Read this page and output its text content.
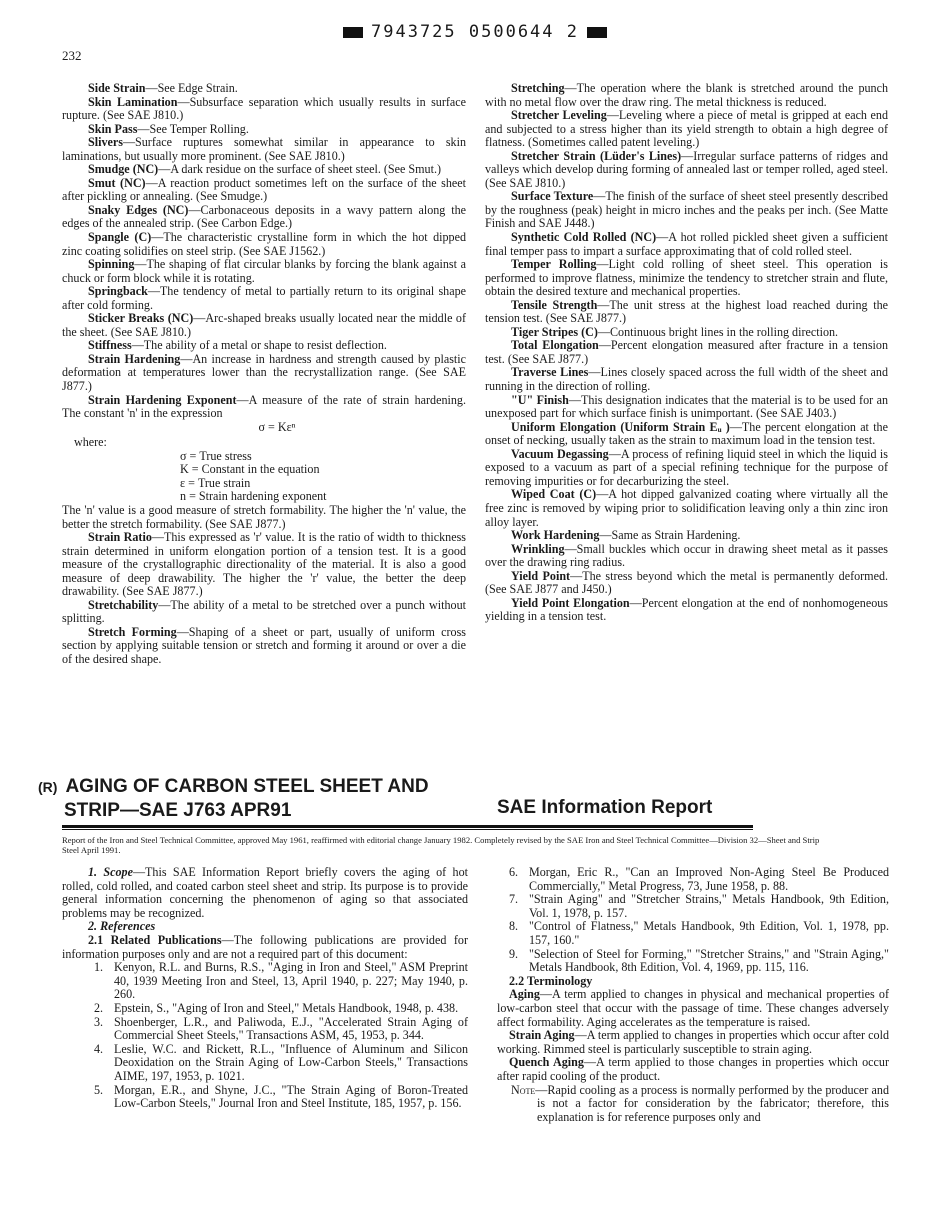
7943725 0500644 2
232

Side Strain—See Edge Strain.

Skin Lamination—Subsurface separation which usually results in surface rupture. (See SAE J810.)

Skin Pass—See Temper Rolling.

Slivers—Surface ruptures somewhat similar in appearance to skin laminations, but usually more prominent. (See SAE J810.)

Smudge (NC)—A dark residue on the surface of sheet steel. (See Smut.)

Smut (NC)—A reaction product sometimes left on the surface of the sheet after pickling or annealing. (See Smudge.)

Snaky Edges (NC)—Carbonaceous deposits in a wavy pattern along the edges of the annealed strip. (See Carbon Edge.)

Spangle (C)—The characteristic crystalline form in which the hot dipped zinc coating solidifies on steel strip. (See SAE J1562.)

Spinning—The shaping of flat circular blanks by forcing the blank against a chuck or form block while it is rotating.

Springback—The tendency of metal to partially return to its original shape after cold forming.

Sticker Breaks (NC)—Arc-shaped breaks usually located near the middle of the sheet. (See SAE J810.)

Stiffness—The ability of a metal or shape to resist deflection.

Strain Hardening—An increase in hardness and strength caused by plastic deformation at temperatures lower than the recrystallization range. (See SAE J877.)

Strain Hardening Exponent—A measure of the rate of strain hardening. The constant 'n' in the expression

σ = Kεⁿ

where:
σ = True stress
K = Constant in the equation
ε = True strain
n = Strain hardening exponent

The 'n' value is a good measure of stretch formability. The higher the 'n' value, the better the stretch formability. (See SAE J877.)

Strain Ratio—This expressed as 'r' value. It is the ratio of width to thickness strain determined in uniform elongation portion of a tension test. It is a good measure of the crystallographic directionality of the material. It is also a good measure of deep drawability. The higher the 'r' value, the better the deep drawability. (See SAE J877.)

Stretchability—The ability of a metal to be stretched over a punch without splitting.

Stretch Forming—Shaping of a sheet or part, usually of uniform cross section by applying suitable tension or stretch and forming it around or over a die of the desired shape.

Stretching—The operation where the blank is stretched around the punch with no metal flow over the draw ring. The metal thickness is reduced.

Stretcher Leveling—Leveling where a piece of metal is gripped at each end and subjected to a stress higher than its yield strength to obtain a high degree of flatness. (Sometimes called patent leveling.)

Stretcher Strain (Lüder's Lines)—Irregular surface patterns of ridges and valleys which develop during forming of annealed last or temper rolled, aged steel. (See SAE J810.)

Surface Texture—The finish of the surface of sheet steel presently described by the roughness (peak) height in micro inches and the peaks per inch. (See Matte Finish and SAE J448.)

Synthetic Cold Rolled (NC)—A hot rolled pickled sheet given a sufficient final temper pass to impart a surface approximating that of cold rolled steel.

Temper Rolling—Light cold rolling of sheet steel. This operation is performed to improve flatness, minimize the tendency to stretcher strain and flute, obtain the desired texture and mechanical properties.

Tensile Strength—The unit stress at the highest load reached during the tension test. (See SAE J877.)

Tiger Stripes (C)—Continuous bright lines in the rolling direction.

Total Elongation—Percent elongation measured after fracture in a tension test. (See SAE J877.)

Traverse Lines—Lines closely spaced across the full width of the sheet and running in the direction of rolling.

"U" Finish—This designation indicates that the material is to be used for an unexposed part for which surface finish is unimportant. (See SAE J403.)

Uniform Elongation (Uniform Strain Eᵤ )—The percent elongation at the onset of necking, usually taken as the strain to maximum load in the tension test.

Vacuum Degassing—A process of refining liquid steel in which the liquid is exposed to a vacuum as part of a special refining technique for the purpose of removing impurities or for decarburizing the steel.

Wiped Coat (C)—A hot dipped galvanized coating where virtually all the free zinc is removed by wiping prior to solidification leaving only a thin zinc iron alloy layer.

Work Hardening—Same as Strain Hardening.

Wrinkling—Small buckles which occur in drawing sheet metal as it passes over the drawing ring radius.

Yield Point—The stress beyond which the metal is permanently deformed. (See SAE J877 and J450.)

Yield Point Elongation—Percent elongation at the end of nonhomogeneous yielding in a tension test.

(R) AGING OF CARBON STEEL SHEET AND
STRIP—SAE J763 APR91	SAE Information Report
Report of the Iron and Steel Technical Committee, approved May 1961, reaffirmed with editorial change January 1982. Completely revised by the SAE Iron and Steel Technical Committee—Division 32—Sheet and Strip Steel April 1991.

1. Scope—This SAE Information Report briefly covers the aging of hot rolled, cold rolled, and coated carbon steel sheet and strip. Its purpose is to provide general information concerning the phenomenon of aging so that associated problems may be recognized.

2. References

2.1 Related Publications—The following publications are provided for information purposes only and are not a required part of this document:

1. Kenyon, R.L. and Burns, R.S., "Aging in Iron and Steel," ASM Preprint 40, 1939 Meeting Iron and Steel, 13, April 1940, p. 227; May 1940, p. 260.
2. Epstein, S., "Aging of Iron and Steel," Metals Handbook, 1948, p. 438.
3. Shoenberger, L.R., and Paliwoda, E.J., "Accelerated Strain Aging of Commercial Sheet Steels," Transactions ASM, 45, 1953, p. 344.
4. Leslie, W.C. and Rickett, R.L., "Influence of Aluminum and Silicon Deoxidation on the Strain Aging of Low-Carbon Steels," Transactions AIME, 197, 1953, p. 1021.
5. Morgan, E.R., and Shyne, J.C., "The Strain Aging of Boron-Treated Low-Carbon Steels," Journal Iron and Steel Institute, 185, 1957, p. 156.
6. Morgan, Eric R., "Can an Improved Non-Aging Steel Be Produced Commercially," Metal Progress, 73, June 1958, p. 88.
7. "Strain Aging" and "Stretcher Strains," Metals Handbook, 9th Edition, Vol. 1, 1978, p. 157.
8. "Control of Flatness," Metals Handbook, 9th Edition, Vol. 1, 1978, pp. 157, 160."
9. "Selection of Steel for Forming," "Stretcher Strains," and "Strain Aging," Metals Handbook, 8th Edition, Vol. 4, 1969, pp. 115, 116.

2.2 Terminology

Aging—A term applied to changes in physical and mechanical properties of low-carbon steel that occur with the passage of time. These changes adversely affect formability. Aging accelerates as the temperature is raised.

Strain Aging—A term applied to changes in properties which occur after cold working. Rimmed steel is particularly susceptible to strain aging.

Quench Aging—A term applied to those changes in properties which occur after rapid cooling of the product.

Note—Rapid cooling as a process is normally performed by the producer and is not a factor for consideration by the fabricator; therefore, this explanation is for reference purposes only and
